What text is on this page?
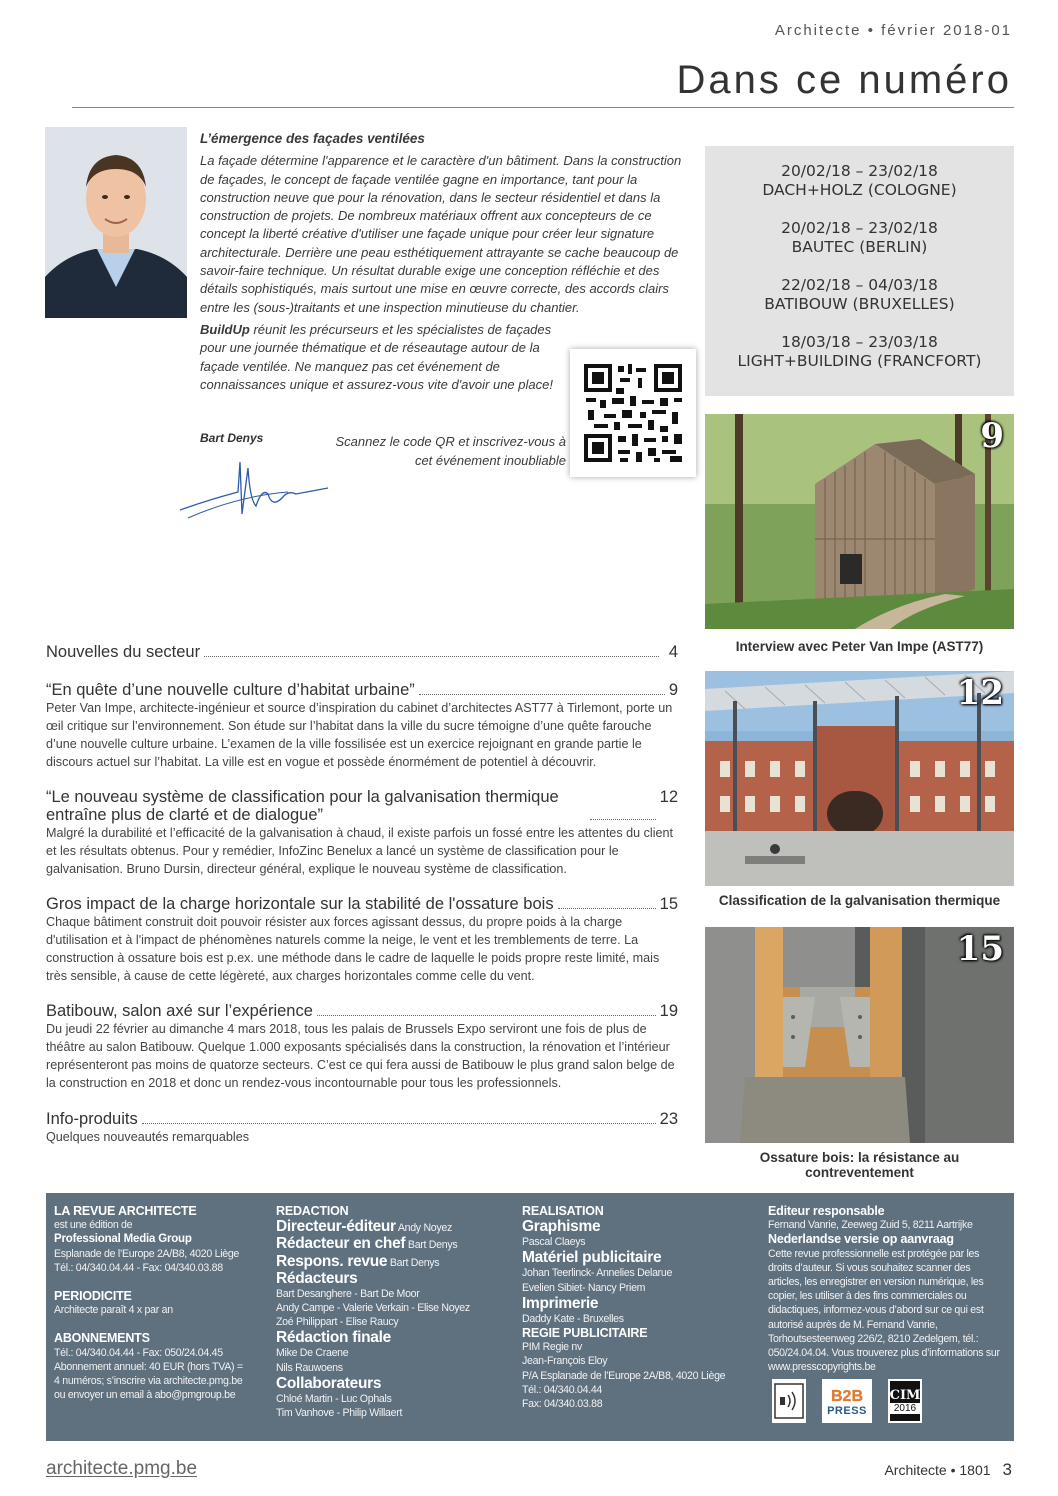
Architecte • février 2018-01
Dans ce numéro

L’émergence des façades ventilées

La façade détermine l'apparence et le caractère d'un bâtiment. Dans la construction de façades, le concept de façade ventilée gagne en importance, tant pour la construction neuve que pour la rénovation, dans le secteur résidentiel et dans la construction de projets. De nombreux matériaux offrent aux concepteurs de ce concept la liberté créative d'utiliser une façade unique pour créer leur signature architecturale. Derrière une peau esthétiquement attrayante se cache beaucoup de savoir-faire technique. Un résultat durable exige une conception réfléchie et des détails sophistiqués, mais surtout une mise en œuvre correcte, des accords clairs entre les (sous-)traitants et une inspection minutieuse du chantier.

BuildUp réunit les précurseurs et les spécialistes de façades pour une journée thématique et de réseautage autour de la façade ventilée. Ne manquez pas cet événement de connaissances unique et assurez-vous vite d'avoir une place!

Bart Denys	Scannez le code QR et inscrivez-vous à cet événement inoubliable
20/02/18 – 23/02/18
DACH+HOLZ (COLOGNE)
20/02/18 – 23/02/18
BAUTEC (BERLIN)
22/02/18 – 04/03/18
BATIBOUW (BRUXELLES)
18/03/18 – 23/03/18
LIGHT+BUILDING (FRANCFORT)
9
Interview avec Peter Van Impe (AST77)
12
Classification de la galvanisation thermique
15
Ossature bois: la résistance au contreventement
Nouvelles du secteur	4
“En quête d’une nouvelle culture d’habitat urbaine”	9
Peter Van Impe, architecte-ingénieur et source d’inspiration du cabinet d’architectes AST77 à Tirlemont, porte un œil critique sur l’environnement. Son étude sur l’habitat dans la ville du sucre témoigne d’une quête farouche d’une nouvelle culture urbaine. L’examen de la ville fossilisée est un exercice rejoignant en grande partie le discours actuel sur l’habitat. La ville est en vogue et possède énormément de potentiel à découvrir.
“Le nouveau système de classification pour la galvanisation thermique entraîne plus de clarté et de dialogue”
12
Malgré la durabilité et l’efficacité de la galvanisation à chaud, il existe parfois un fossé entre les attentes du client et les résultats obtenus. Pour y remédier, InfoZinc Benelux a lancé un système de classification pour le galvanisation. Bruno Dursin, directeur général, explique le nouveau système de classification.
Gros impact de la charge horizontale sur la stabilité de l'ossature bois	15
Chaque bâtiment construit doit pouvoir résister aux forces agissant dessus, du propre poids à la charge d'utilisation et à l'impact de phénomènes naturels comme la neige, le vent et les tremblements de terre. La construction à ossature bois est p.ex. une méthode dans le cadre de laquelle le poids propre reste limité, mais très sensible, à cause de cette légèreté, aux charges horizontales comme celle du vent.
Batibouw, salon axé sur l’expérience	19
Du jeudi 22 février au dimanche 4 mars 2018, tous les palais de Brussels Expo serviront une fois de plus de théâtre au salon Batibouw. Quelque 1.000 exposants spécialisés dans la construction, la rénovation et l’intérieur représenteront pas moins de quatorze secteurs. C’est ce qui fera aussi de Batibouw le plus grand salon belge de la construction en 2018 et donc un rendez-vous incontournable pour tous les professionnels.
Info-produits	23
Quelques nouveautés remarquables
LA REVUE ARCHITECTE
est une édition de
Professional Media Group
Esplanade de l’Europe 2A/B8, 4020 Liège
Tél.: 04/340.04.44 - Fax: 04/340.03.88
PERIODICITE
Architecte paraît 4 x par an
ABONNEMENTS
Tél.: 04/340.04.44 - Fax: 050/24.04.45
Abonnement annuel: 40 EUR (hors TVA) =
4 numéros; s’inscrire via architecte.pmg.be
ou envoyer un email à abo@pmgroup.be
REDACTION
Directeur-éditeur Andy Noyez
Rédacteur en chef Bart Denys
Respons. revue Bart Denys
Rédacteurs
Bart Desanghere - Bart De Moor
Andy Campe - Valerie Verkain - Elise Noyez
Zoé Philippart - Elise Raucy
Rédaction finale
Mike De Craene
Nils Rauwoens
Collaborateurs
Chloé Martin - Luc Ophals
Tim Vanhove - Philip Willaert
REALISATION
Graphisme
Pascal Claeys
Matériel publicitaire
Johan Teerlinck- Annelies Delarue
Evelien Sibiet- Nancy Priem
Imprimerie
Daddy Kate - Bruxelles
REGIE PUBLICITAIRE
PIM Regie nv
Jean-François Eloy
P/A Esplanade de l’Europe 2A/B8, 4020 Liège
Tél.: 04/340.04.44
Fax: 04/340.03.88
Editeur responsable
Fernand Vanrie, Zeeweg Zuid 5, 8211 Aartrijke
Nederlandse versie op aanvraag
Cette revue professionnelle est protégée par les droits d’auteur. Si vous souhaitez scanner des articles, les enregistrer en version numérique, les copier, les utiliser à des fins commerciales ou didactiques, informez-vous d’abord sur ce qui est autorisé auprès de M. Fernand Vanrie, Torhoutsesteenweg 226/2, 8210 Zedelgem, tél.: 050/24.04.04. Vous trouverez plus d’informations sur www.presscopyrights.be
B2B
PRESS
CIM
2016
architecte.pmg.be	Architecte • 1801 3
